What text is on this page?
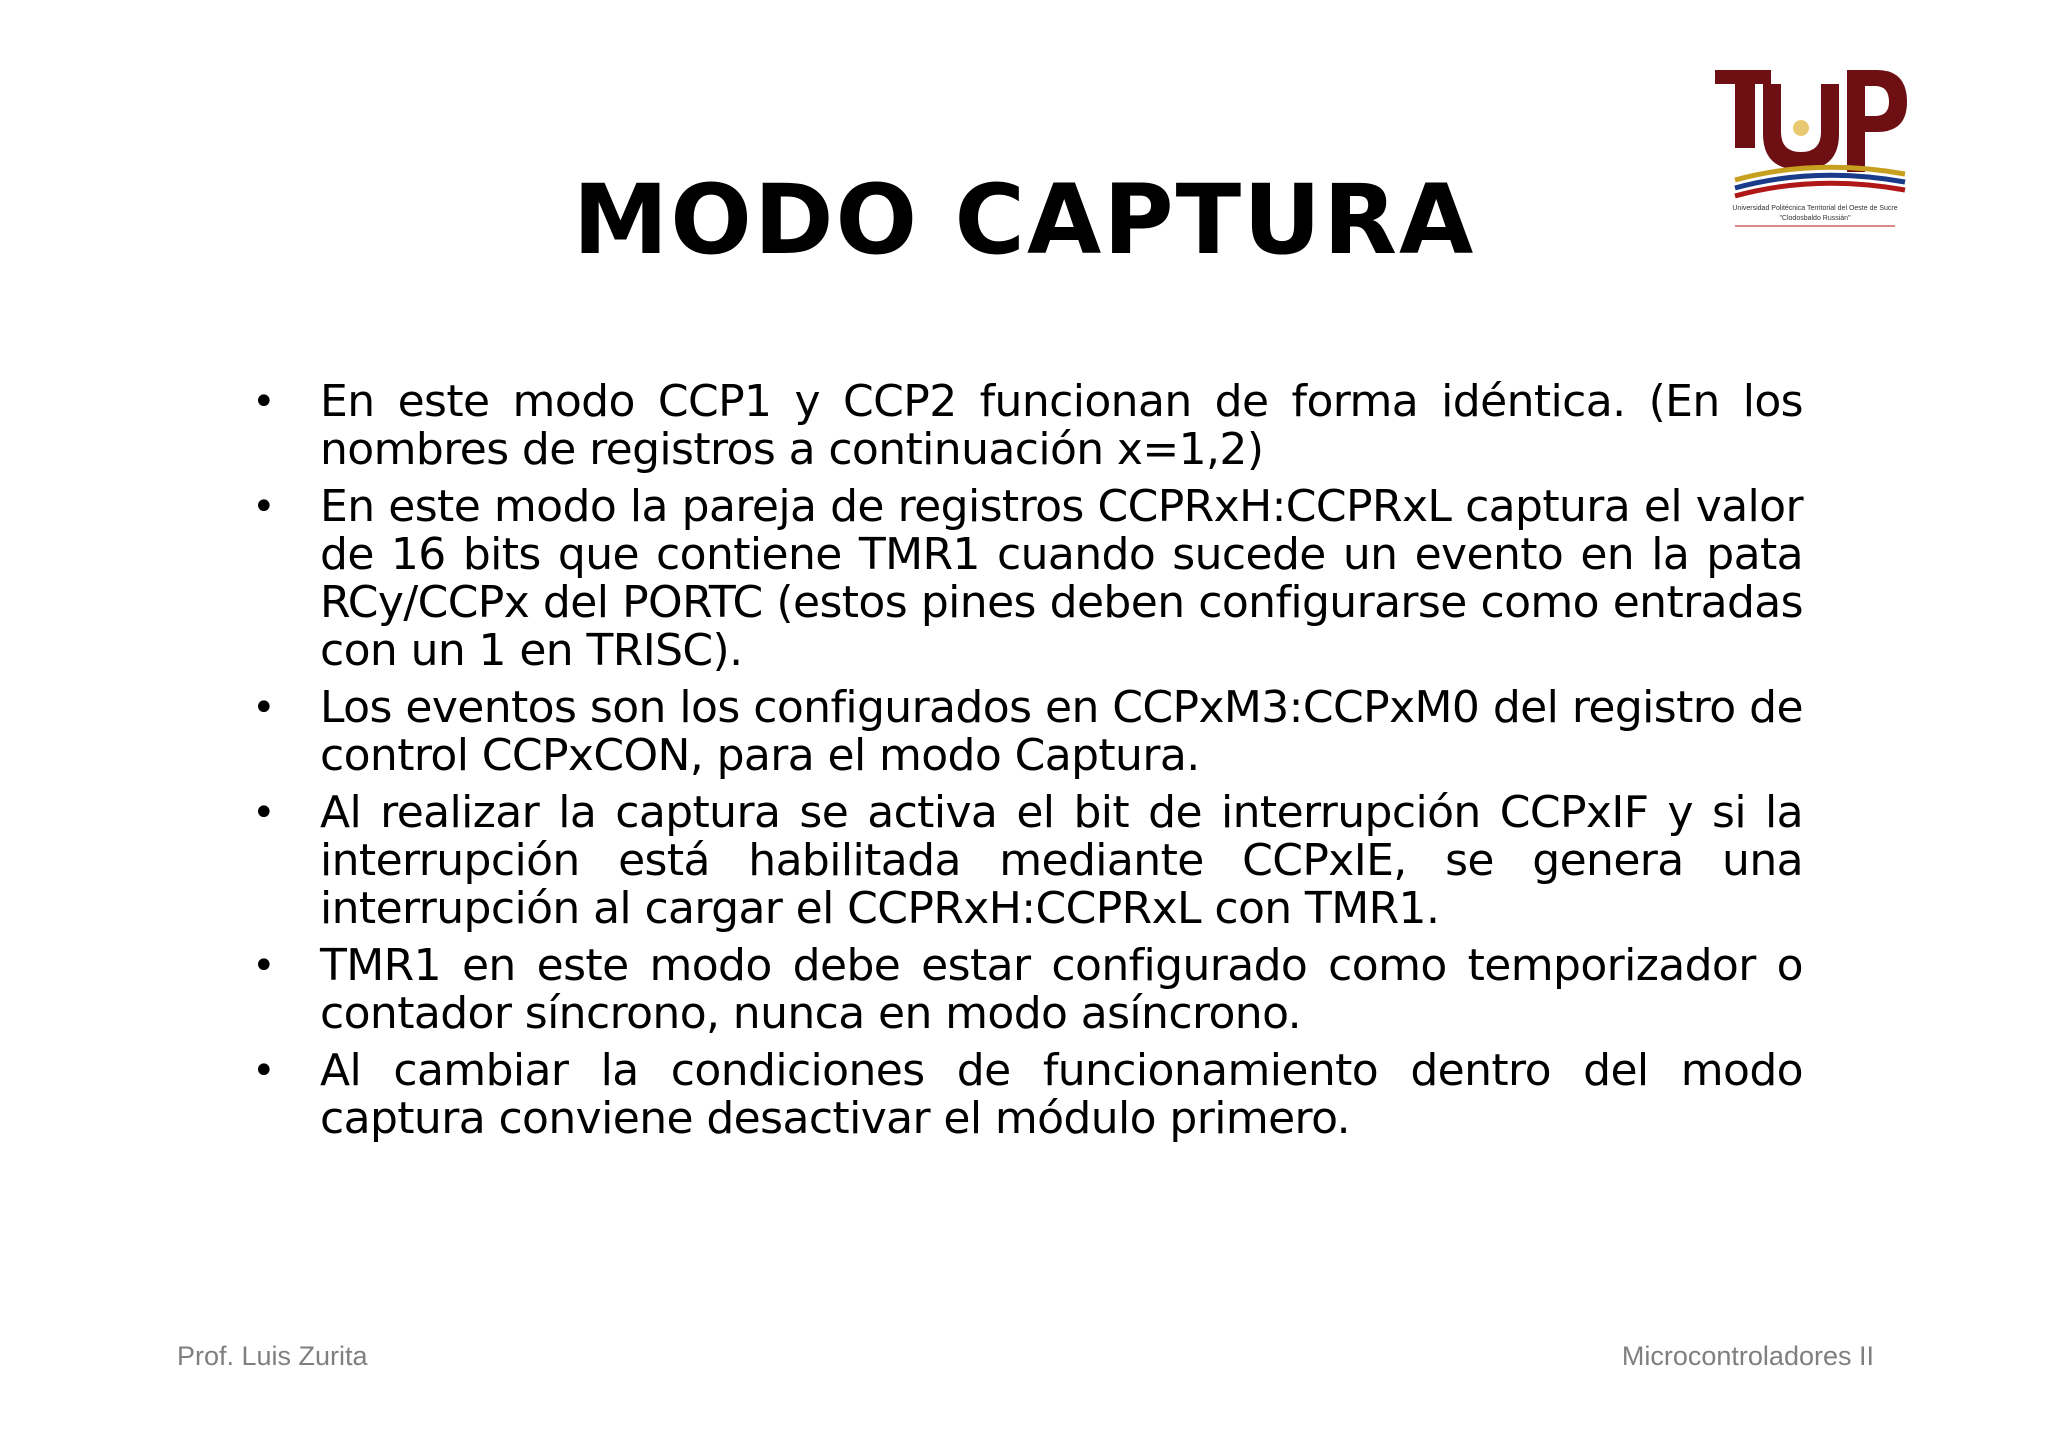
MODO CAPTURA	Universidad Politécnica Territorial del Oeste de Sucre
"Clodosbaldo Russián"
• En este modo CCP1 y CCP2 funcionan de forma idéntica. (En los nombres de registros a continuación x=1,2)
• En este modo la pareja de registros CCPRxH:CCPRxL captura el valor de 16 bits que contiene TMR1 cuando sucede un evento en la pata RCy/CCPx del PORTC (estos pines deben configurarse como entradas con un 1 en TRISC).
• Los eventos son los configurados en CCPxM3:CCPxM0 del registro de control CCPxCON, para el modo Captura.
• Al realizar la captura se activa el bit de interrupción CCPxIF y si la interrupción está habilitada mediante CCPxIE, se genera una interrupción al cargar el CCPRxH:CCPRxL con TMR1.
• TMR1 en este modo debe estar configurado como temporizador o contador síncrono, nunca en modo asíncrono.
• Al cambiar la condiciones de funcionamiento dentro del modo captura conviene desactivar el módulo primero.
Prof. Luis Zurita	Microcontroladores II
